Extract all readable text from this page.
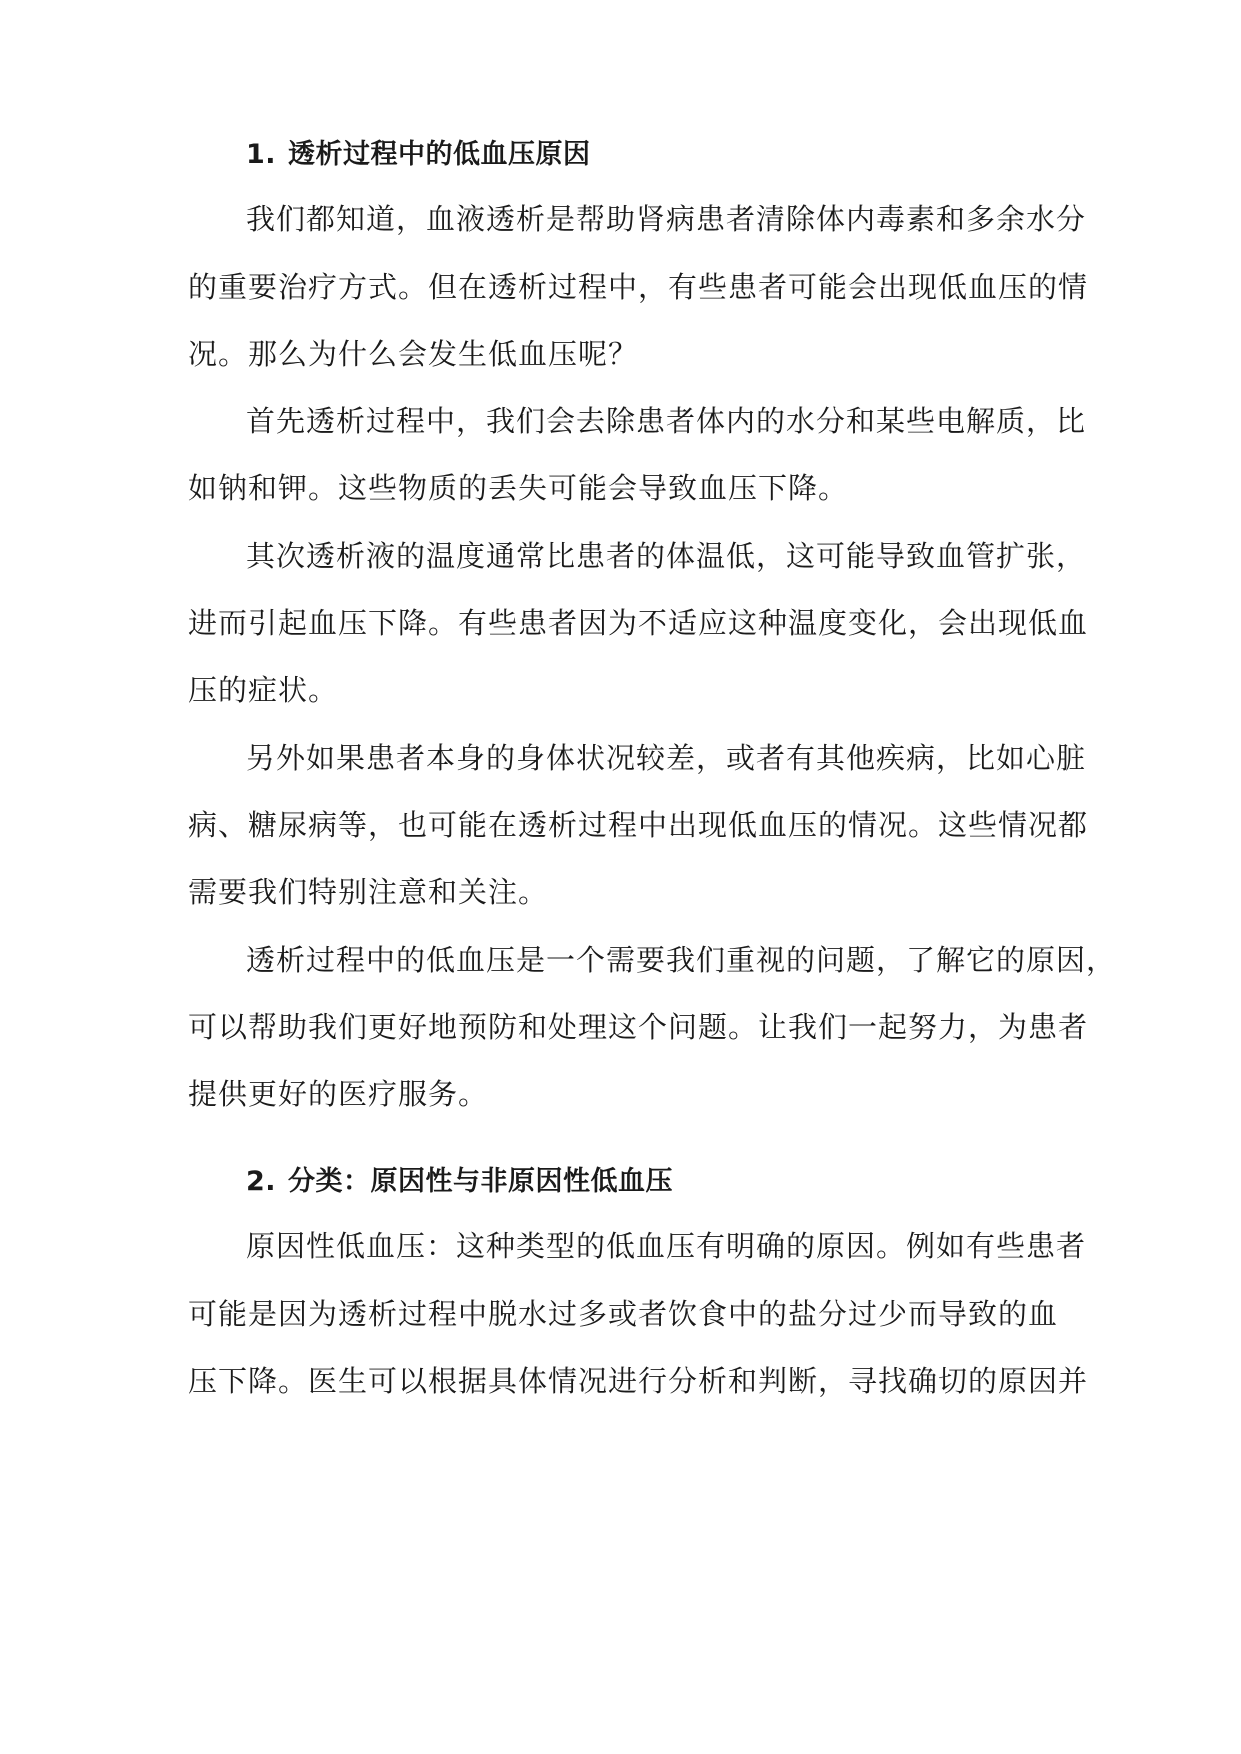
1. 透析过程中的低血压原因
我们都知道，血液透析是帮助肾病患者清除体内毒素和多余水分
的重要治疗方式。但在透析过程中，有些患者可能会出现低血压的情
况。那么为什么会发生低血压呢？
首先透析过程中，我们会去除患者体内的水分和某些电解质，比
如钠和钾。这些物质的丢失可能会导致血压下降。
其次透析液的温度通常比患者的体温低，这可能导致血管扩张，
进而引起血压下降。有些患者因为不适应这种温度变化，会出现低血
压的症状。
另外如果患者本身的身体状况较差，或者有其他疾病，比如心脏
病、糖尿病等，也可能在透析过程中出现低血压的情况。这些情况都
需要我们特别注意和关注。
透析过程中的低血压是一个需要我们重视的问题，了解它的原因，
可以帮助我们更好地预防和处理这个问题。让我们一起努力，为患者
提供更好的医疗服务。
2. 分类：原因性与非原因性低血压
原因性低血压：这种类型的低血压有明确的原因。例如有些患者
可能是因为透析过程中脱水过多或者饮食中的盐分过少而导致的血
压下降。医生可以根据具体情况进行分析和判断，寻找确切的原因并
